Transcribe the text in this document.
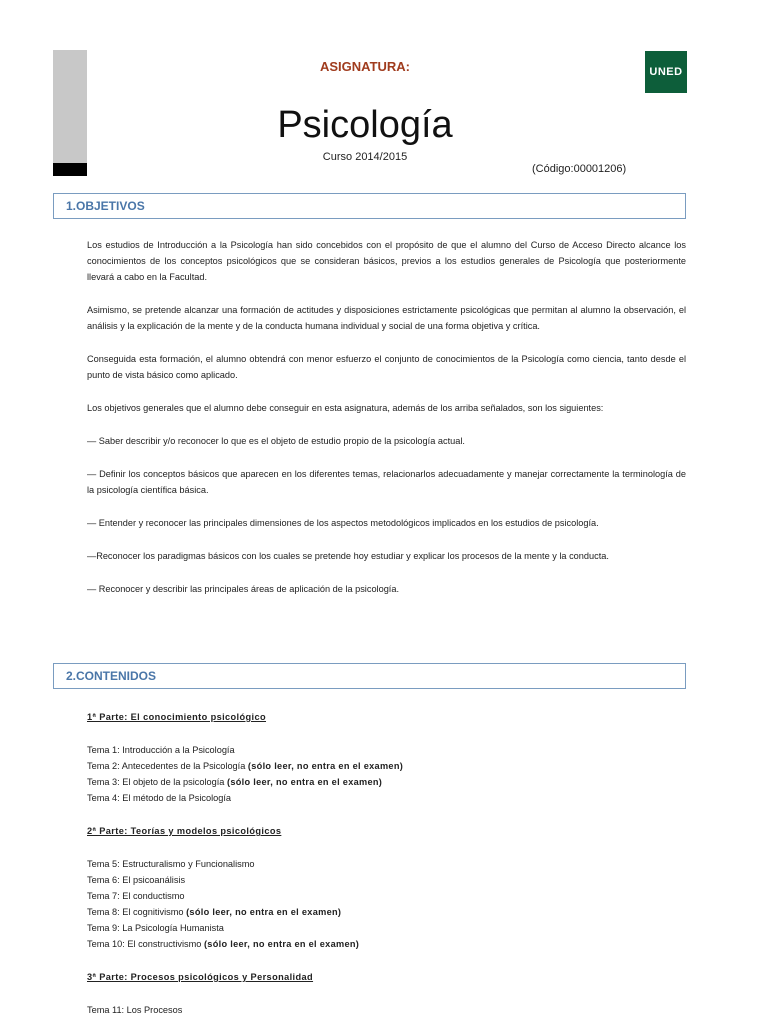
ASIGNATURA:	UNED
Psicología
Curso 2014/2015
(Código:00001206)
1.OBJETIVOS

Los estudios de Introducción a la Psicología han sido concebidos con el propósito de que el alumno del Curso de Acceso Directo alcance los conocimientos de los conceptos psicológicos que se consideran básicos, previos a los estudios generales de Psicología que posteriormente llevará a cabo en la Facultad.

Asimismo, se pretende alcanzar una formación de actitudes y disposiciones estrictamente psicológicas que permitan al alumno la observación, el análisis y la explicación de la mente y de la conducta humana individual y social de una forma objetiva y crítica.

Conseguida esta formación, el alumno obtendrá con menor esfuerzo el conjunto de conocimientos de la Psicología como ciencia, tanto desde el punto de vista básico como aplicado.

Los objetivos generales que el alumno debe conseguir en esta asignatura, además de los arriba señalados, son los siguientes:

— Saber describir y/o reconocer lo que es el objeto de estudio propio de la psicología actual.

— Definir los conceptos básicos que aparecen en los diferentes temas, relacionarlos adecuadamente y manejar correctamente la terminología de la psicología científica básica.

— Entender y reconocer las principales dimensiones de los aspectos metodológicos implicados en los estudios de psicología.

—Reconocer los paradigmas básicos con los cuales se pretende hoy estudiar y explicar los procesos de la mente y la conducta.

— Reconocer y describir las principales áreas de aplicación de la psicología.

2.CONTENIDOS
1ª Parte: El conocimiento psicológico
Tema 1: Introducción a la Psicología
Tema 2: Antecedentes de la Psicología (sólo leer, no entra en el examen)
Tema 3: El objeto de la psicología (sólo leer, no entra en el examen)
Tema 4: El método de la Psicología
2ª Parte: Teorías y modelos psicológicos
Tema 5: Estructuralismo y Funcionalismo
Tema 6: El psicoanálisis
Tema 7: El conductismo
Tema 8: El cognitivismo (sólo leer, no entra en el examen)
Tema 9: La Psicología Humanista
Tema 10: El constructivismo (sólo leer, no entra en el examen)
3ª Parte: Procesos psicológicos y Personalidad
Tema 11: Los Procesos
